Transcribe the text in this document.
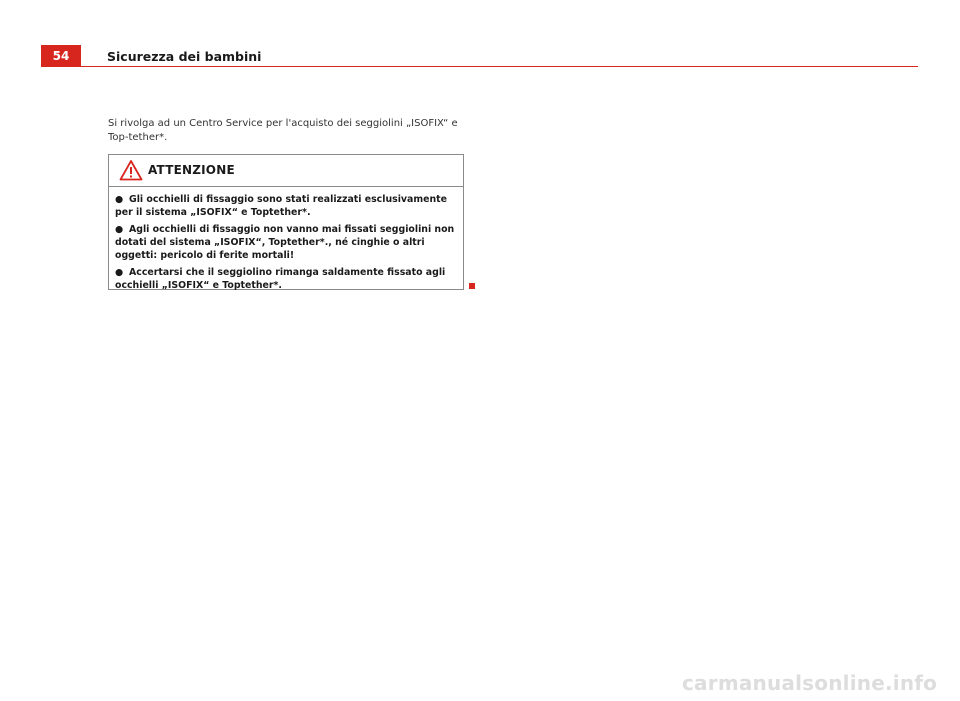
54	Sicurezza dei bambini
Si rivolga ad un Centro Service per l'acquisto dei seggiolini „ISOFIX“ e Top-tether*.
ATTENZIONE
● Gli occhielli di fissaggio sono stati realizzati esclusivamente per il sistema „ISOFIX“ e Toptether*.
● Agli occhielli di fissaggio non vanno mai fissati seggiolini non dotati del sistema „ISOFIX“, Toptether*., né cinghie o altri oggetti: pericolo di ferite mortali!
● Accertarsi che il seggiolino rimanga saldamente fissato agli occhielli „ISOFIX“ e Toptether*.
carmanualsonline.info
